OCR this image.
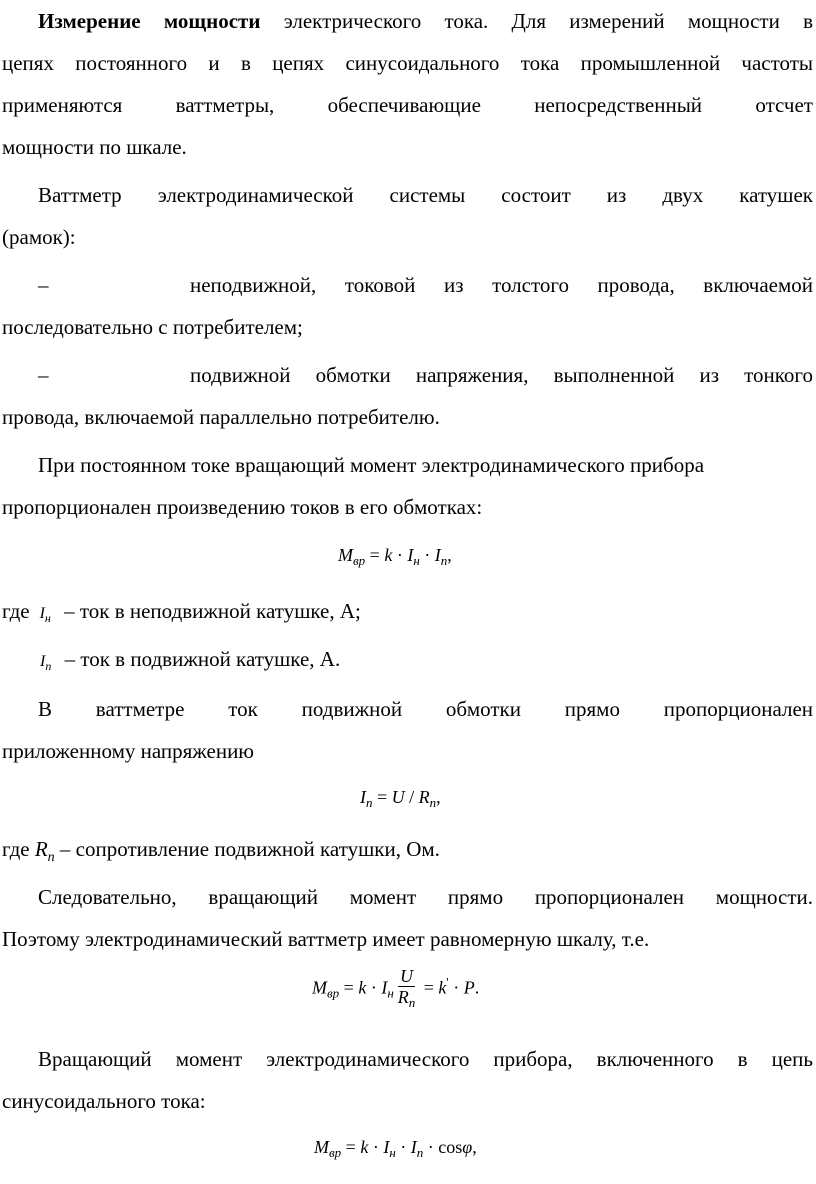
Измерение мощности электрического тока. Для измерений мощности в
цепях постоянного и в цепях синусоидального тока промышленной частоты
применяются ваттметры, обеспечивающие непосредственный отсчет
мощности по шкале.
Ваттметр электродинамической системы состоит из двух катушек
(рамок):
–	неподвижной, токовой из толстого провода, включаемой
последовательно с потребителем;
–	подвижной обмотки напряжения, выполненной из тонкого
провода, включаемой параллельно потребителю.
При постоянном токе вращающий момент электродинамического прибора
пропорционален произведению токов в его обмотках:
$M_{вр} = k \cdot I_н \cdot I_п$,
где $I_н$ – ток в неподвижной катушке, А;
$I_п$ – ток в подвижной катушке, А.
В ваттметре ток подвижной обмотки прямо пропорционален
приложенному напряжению
$I_п = U / R_п$,
где $R_п$ – сопротивление подвижной катушки, Ом.
Следовательно, вращающий момент прямо пропорционален мощности.
Поэтому электродинамический ваттметр имеет равномерную шкалу, т.е.
$M_{вр} = k \cdot I_н \frac{U}{R_п} = k' \cdot P$.
Вращающий момент электродинамического прибора, включенного в цепь
синусоидального тока:
$M_{вр} = k \cdot I_н \cdot I_п \cdot \cos\varphi$,
